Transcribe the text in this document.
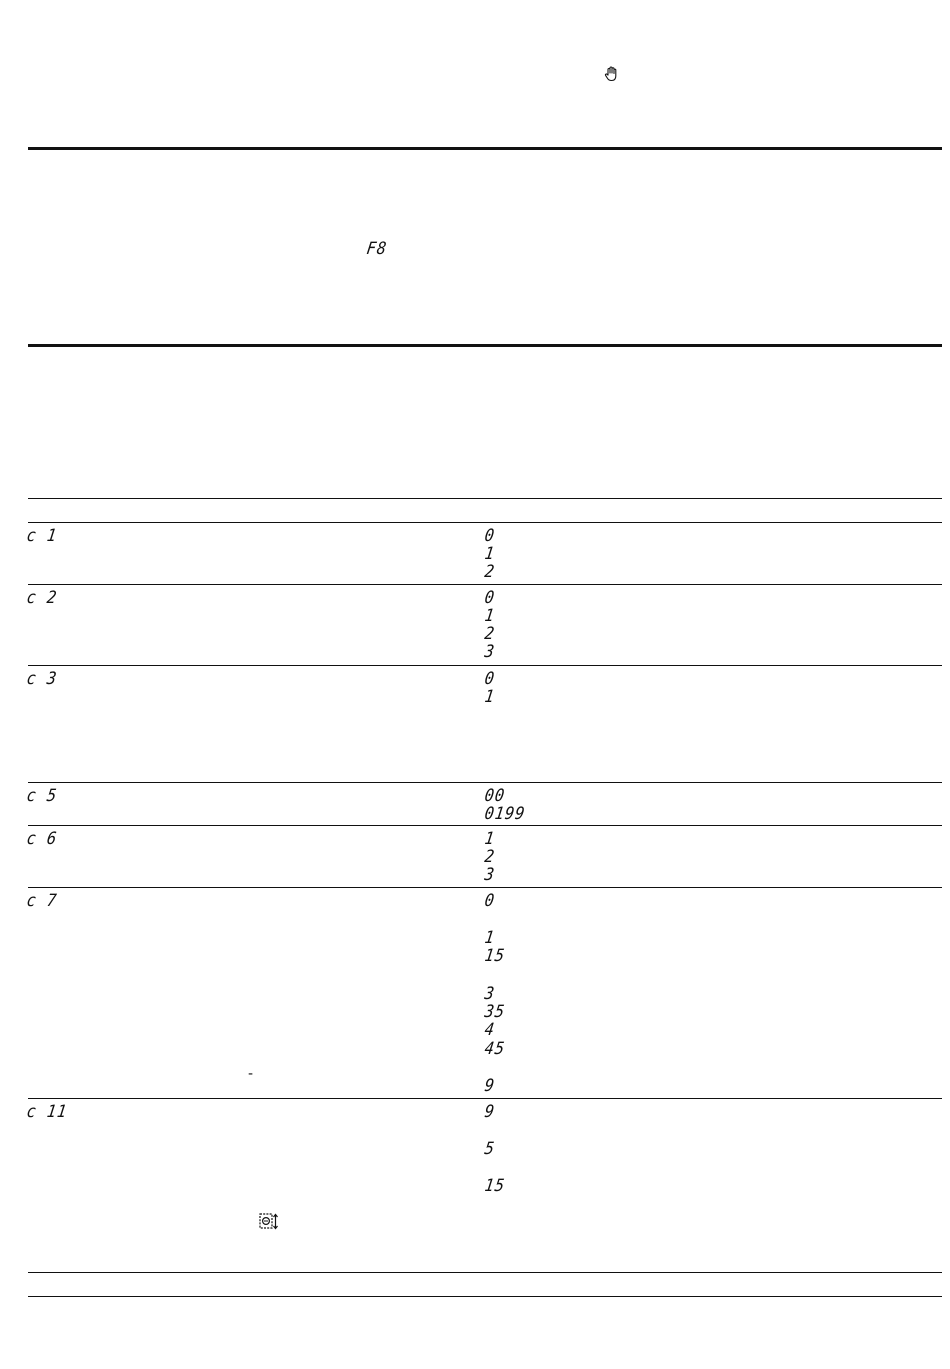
F8
c 1	0
1
2
c 2	0
1
2
3
c 3	0
1
c 5	00
0199
c 6	1
2
3
c 7	0
1
15
3
35
4
45
9
-
c 11	9
5
15
